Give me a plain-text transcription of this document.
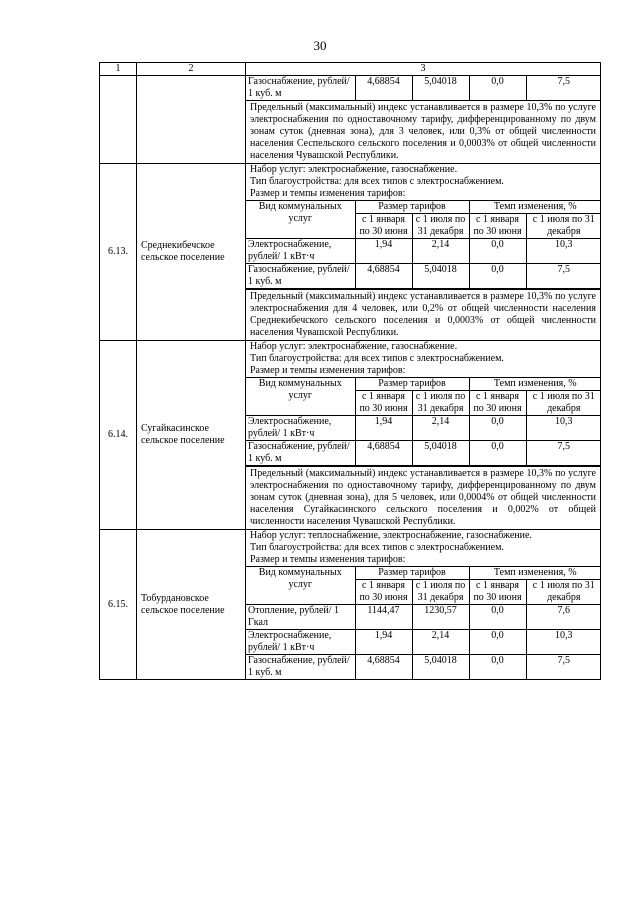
30
1	2	3

Газоснабжение, рублей/ 1 куб. м	4,68854	5,04018	0,0	7,5
Предельный (максимальный) индекс устанавливается в размере 10,3% по услуге электроснабжения по одноставочному тарифу, дифференцированному по двум зонам суток (дневная зона), для 3 человек, или 0,3% от общей численности населения Сеспельского сельского поселения и 0,0003% от общей численности населения Чувашской Республики.

6.13.	Среднекибечское сельское поселение	
Набор услуг: электроснабжение, газоснабжение.
Тип благоустройства: для всех типов с электроснабжением.
Размер и темпы изменения тарифов:
Вид коммунальных услуг	Размер тарифов	Темп изменения, %
с 1 января по 30 июня	с 1 июля по 31 декабря	с 1 января по 30 июня	с 1 июля по 31 декабря
Электроснабжение, рублей/ 1 кВт·ч	1,94	2,14	0,0	10,3
Газоснабжение, рублей/ 1 куб. м	4,68854	5,04018	0,0	7,5
Предельный (максимальный) индекс устанавливается в размере 10,3% по услуге электроснабжения для 4 человек, или 0,2% от общей численности населения Среднекибечского сельского поселения и 0,0003% от общей численности населения Чувашской Республики.

6.14.	Сугайкасинское сельское поселение	
Набор услуг: электроснабжение, газоснабжение.
Тип благоустройства: для всех типов с электроснабжением.
Размер и темпы изменения тарифов:
Вид коммунальных услуг	Размер тарифов	Темп изменения, %
с 1 января по 30 июня	с 1 июля по 31 декабря	с 1 января по 30 июня	с 1 июля по 31 декабря
Электроснабжение, рублей/ 1 кВт·ч	1,94	2,14	0,0	10,3
Газоснабжение, рублей/ 1 куб. м	4,68854	5,04018	0,0	7,5
Предельный (максимальный) индекс устанавливается в размере 10,3% по услуге электроснабжения по одноставочному тарифу, дифференцированному по двум зонам суток (дневная зона), для 5 человек, или 0,0004% от общей численности населения Сугайкасинского сельского поселения и 0,002% от общей численности населения Чувашской Республики.

6.15.	Тобурдановское сельское поселение	
Набор услуг: теплоснабжение, электроснабжение, газоснабжение.
Тип благоустройства: для всех типов с электроснабжением.
Размер и темпы изменения тарифов:
Вид коммунальных услуг	Размер тарифов	Темп изменения, %
с 1 января по 30 июня	с 1 июля по 31 декабря	с 1 января по 30 июня	с 1 июля по 31 декабря
Отопление, рублей/ 1 Гкал	1144,47	1230,57	0,0	7,6
Электроснабжение, рублей/ 1 кВт·ч	1,94	2,14	0,0	10,3
Газоснабжение, рублей/ 1 куб. м	4,68854	5,04018	0,0	7,5
